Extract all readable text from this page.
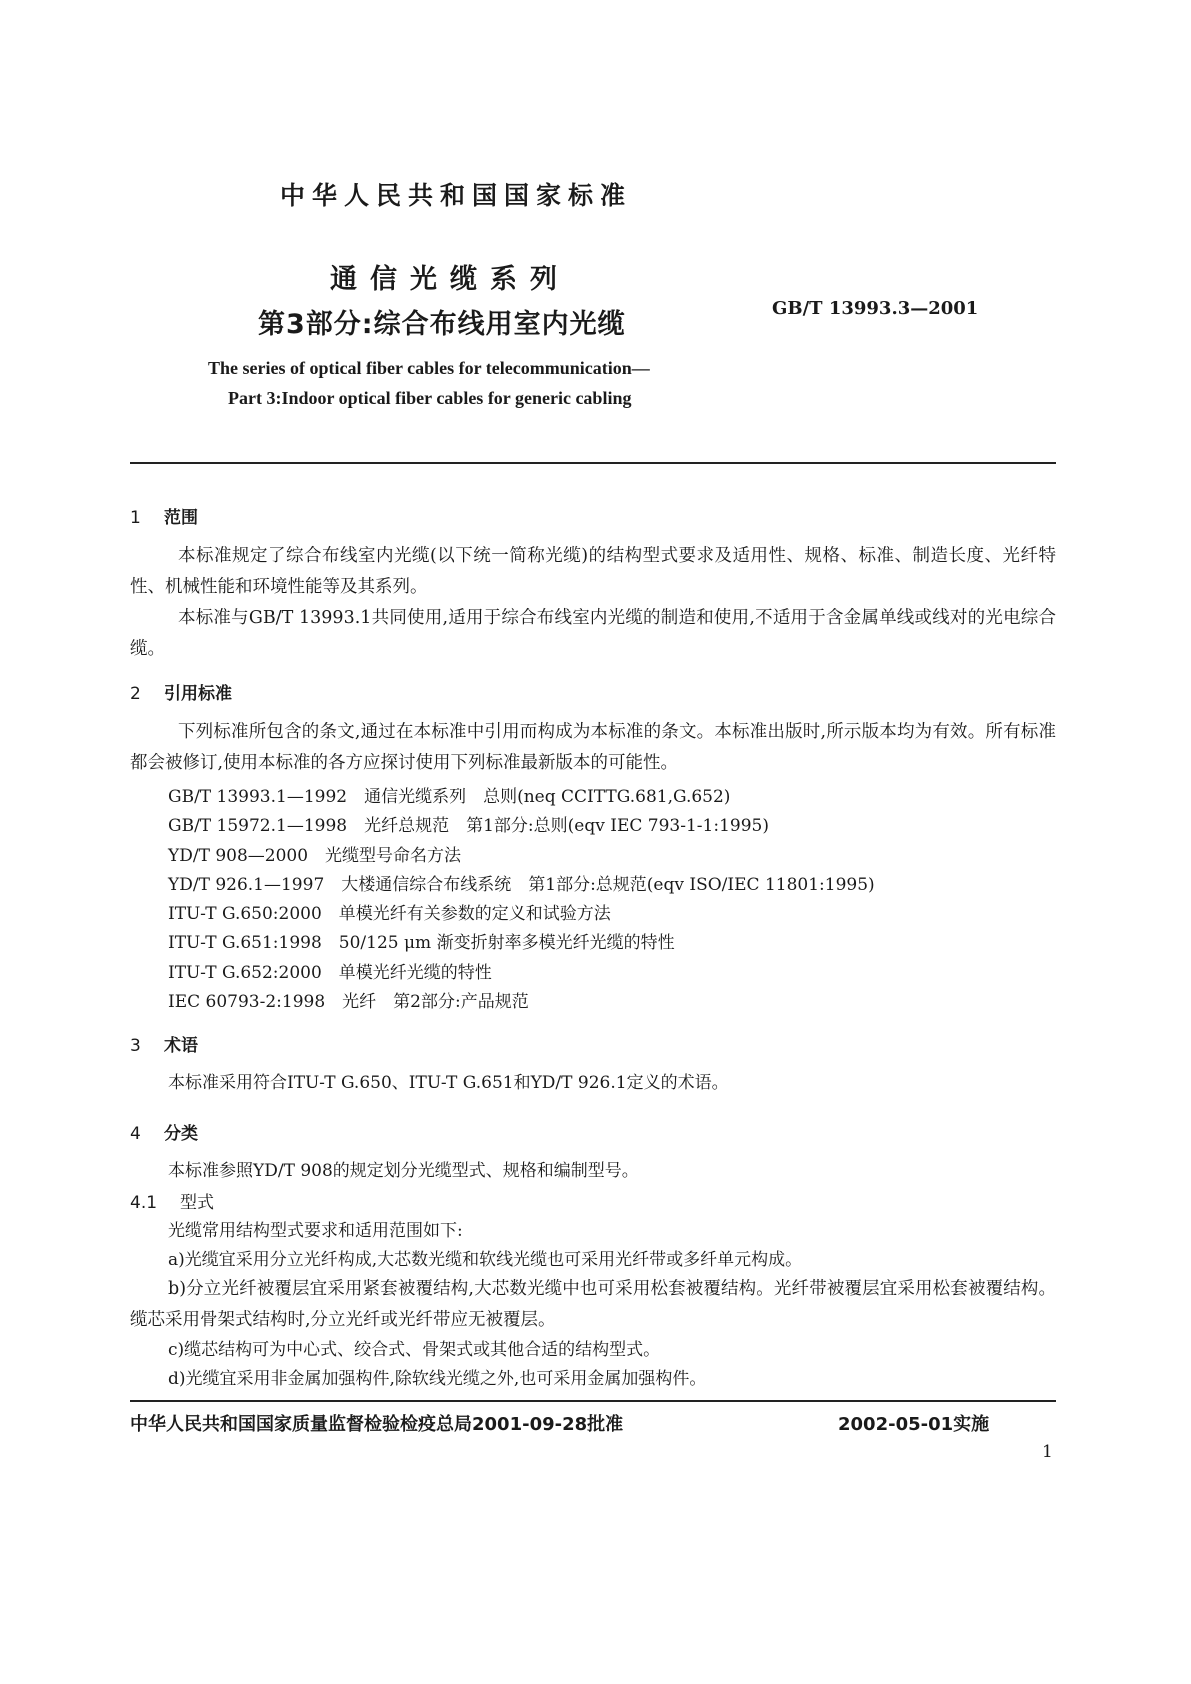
中华人民共和国国家标准
通信光缆系列
第3部分:综合布线用室内光缆
GB/T 13993.3—2001
The series of optical fiber cables for telecommunication—
Part 3:Indoor optical fiber cables for generic cabling
1 范围

本标准规定了综合布线室内光缆(以下统一简称光缆)的结构型式要求及适用性、规格、标准、制造长度、光纤特性、机械性能和环境性能等及其系列。

本标准与GB/T 13993.1共同使用,适用于综合布线室内光缆的制造和使用,不适用于含金属单线或线对的光电综合缆。

2 引用标准

下列标准所包含的条文,通过在本标准中引用而构成为本标准的条文。本标准出版时,所示版本均为有效。所有标准都会被修订,使用本标准的各方应探讨使用下列标准最新版本的可能性。

GB/T 13993.1—1992　通信光缆系列　总则(neq CCITTG.681,G.652)
GB/T 15972.1—1998　光纤总规范　第1部分:总则(eqv IEC 793-1-1:1995)
YD/T 908—2000　光缆型号命名方法
YD/T 926.1—1997　大楼通信综合布线系统　第1部分:总规范(eqv ISO/IEC 11801:1995)
ITU-T G.650:2000　单模光纤有关参数的定义和试验方法
ITU-T G.651:1998　50/125 μm 渐变折射率多模光纤光缆的特性
ITU-T G.652:2000　单模光纤光缆的特性
IEC 60793-2:1998　光纤　第2部分:产品规范
3 术语
本标准采用符合ITU-T G.650、ITU-T G.651和YD/T 926.1定义的术语。
4 分类
本标准参照YD/T 908的规定划分光缆型式、规格和编制型号。
4.1 型式
光缆常用结构型式要求和适用范围如下:
a)光缆宜采用分立光纤构成,大芯数光缆和软线光缆也可采用光纤带或多纤单元构成。

b)分立光纤被覆层宜采用紧套被覆结构,大芯数光缆中也可采用松套被覆结构。光纤带被覆层宜采用松套被覆结构。缆芯采用骨架式结构时,分立光纤或光纤带应无被覆层。

c)缆芯结构可为中心式、绞合式、骨架式或其他合适的结构型式。
d)光缆宜采用非金属加强构件,除软线光缆之外,也可采用金属加强构件。
中华人民共和国国家质量监督检验检疫总局2001-09-28批准	2002-05-01实施
1
